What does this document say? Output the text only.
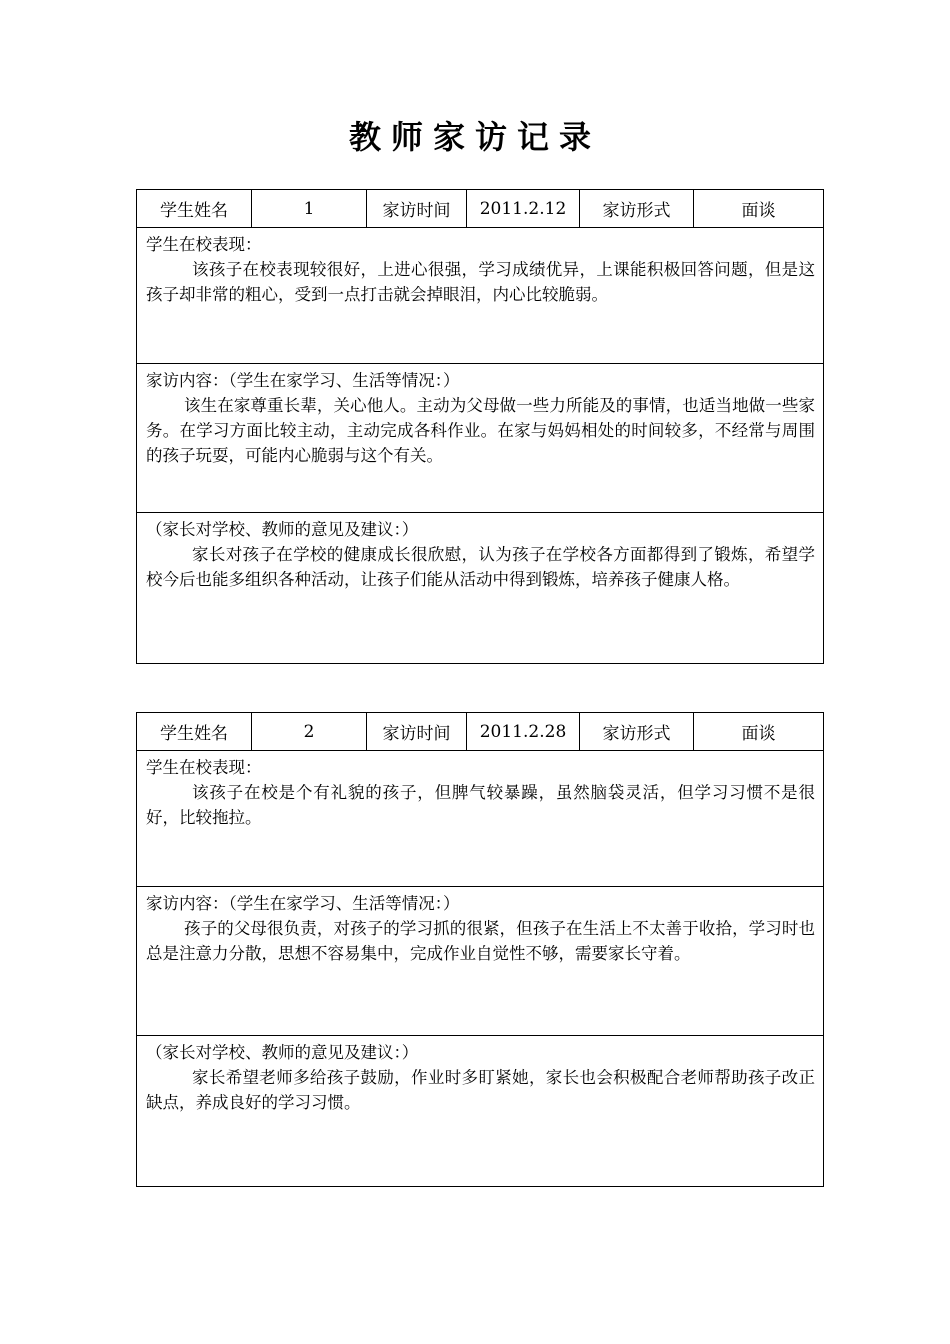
教师家访记录
学生姓名	1	家访时间	2011.2.12	家访形式	面谈
学生在校表现：
该孩子在校表现较很好，上进心很强，学习成绩优异，上课能积极回答问题，但是这孩子却非常的粗心，受到一点打击就会掉眼泪，内心比较脆弱。
家访内容：（学生在家学习、生活等情况：）
该生在家尊重长辈，关心他人。主动为父母做一些力所能及的事情，也适当地做一些家务。在学习方面比较主动，主动完成各科作业。在家与妈妈相处的时间较多，不经常与周围的孩子玩耍，可能内心脆弱与这个有关。
（家长对学校、教师的意见及建议：）
家长对孩子在学校的健康成长很欣慰，认为孩子在学校各方面都得到了锻炼，希望学校今后也能多组织各种活动，让孩子们能从活动中得到锻炼，培养孩子健康人格。
学生姓名	2	家访时间	2011.2.28	家访形式	面谈
学生在校表现：
该孩子在校是个有礼貌的孩子，但脾气较暴躁，虽然脑袋灵活，但学习习惯不是很好，比较拖拉。
家访内容：（学生在家学习、生活等情况：）
孩子的父母很负责，对孩子的学习抓的很紧，但孩子在生活上不太善于收拾，学习时也总是注意力分散，思想不容易集中，完成作业自觉性不够，需要家长守着。
（家长对学校、教师的意见及建议：）
家长希望老师多给孩子鼓励，作业时多盯紧她，家长也会积极配合老师帮助孩子改正缺点，养成良好的学习习惯。
